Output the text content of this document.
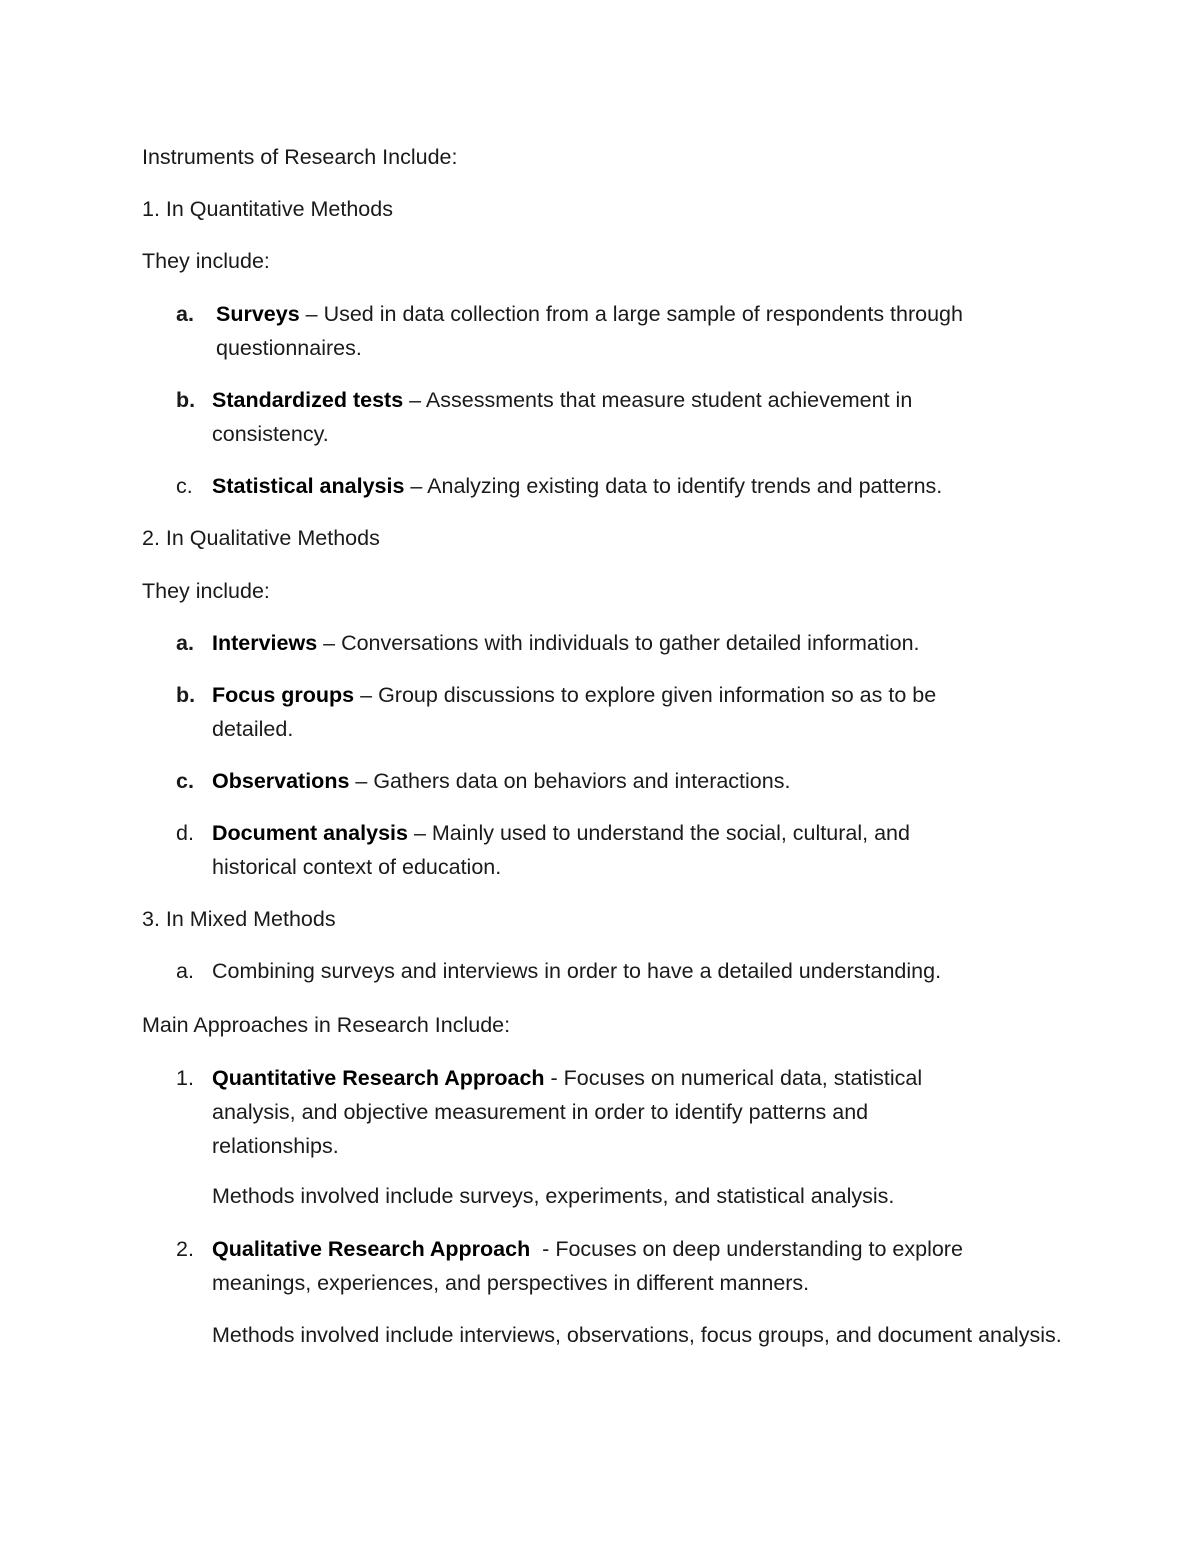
Instruments of Research Include:
1. In Quantitative Methods
They include:
a. Surveys – Used in data collection from a large sample of respondents through questionnaires.
b. Standardized tests – Assessments that measure student achievement in consistency.
c. Statistical analysis – Analyzing existing data to identify trends and patterns.
2. In Qualitative Methods
They include:
a. Interviews – Conversations with individuals to gather detailed information.
b. Focus groups – Group discussions to explore given information so as to be detailed.
c. Observations – Gathers data on behaviors and interactions.
d. Document analysis – Mainly used to understand the social, cultural, and historical context of education.
3. In Mixed Methods
a. Combining surveys and interviews in order to have a detailed understanding.
Main Approaches in Research Include:
1. Quantitative Research Approach - Focuses on numerical data, statistical analysis, and objective measurement in order to identify patterns and relationships.
Methods involved include surveys, experiments, and statistical analysis.
2. Qualitative Research Approach  - Focuses on deep understanding to explore meanings, experiences, and perspectives in different manners.
Methods involved include interviews, observations, focus groups, and document analysis.
